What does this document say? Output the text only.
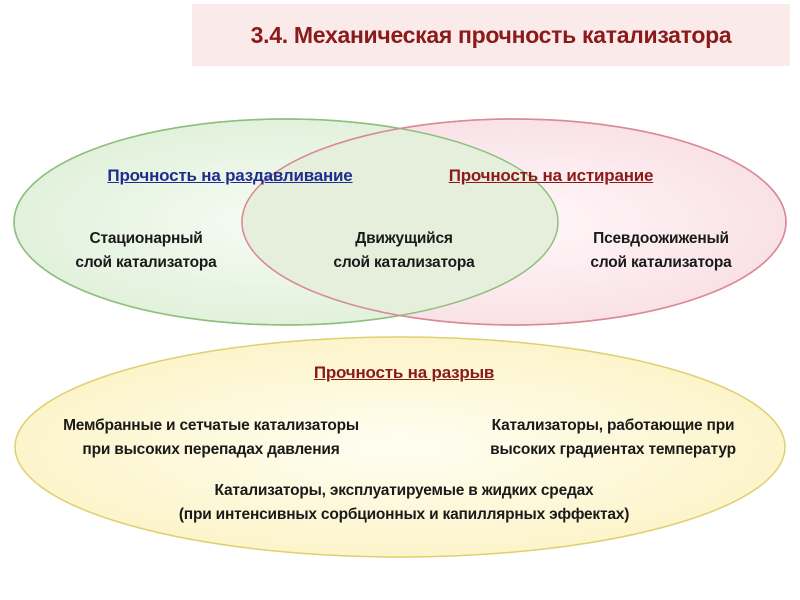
3.4. Механическая прочность катализатора
Прочность на раздавливание	Прочность на истирание
Стационарный
слой катализатора
Движущийся
слой катализатора
Псевдоожиженый
слой катализатора
Прочность на разрыв
Мембранные и сетчатые катализаторы
при высоких перепадах давления
Катализаторы, работающие при
высоких градиентах температур
Катализаторы, эксплуатируемые в жидких средах
(при интенсивных сорбционных и капиллярных эффектах)
